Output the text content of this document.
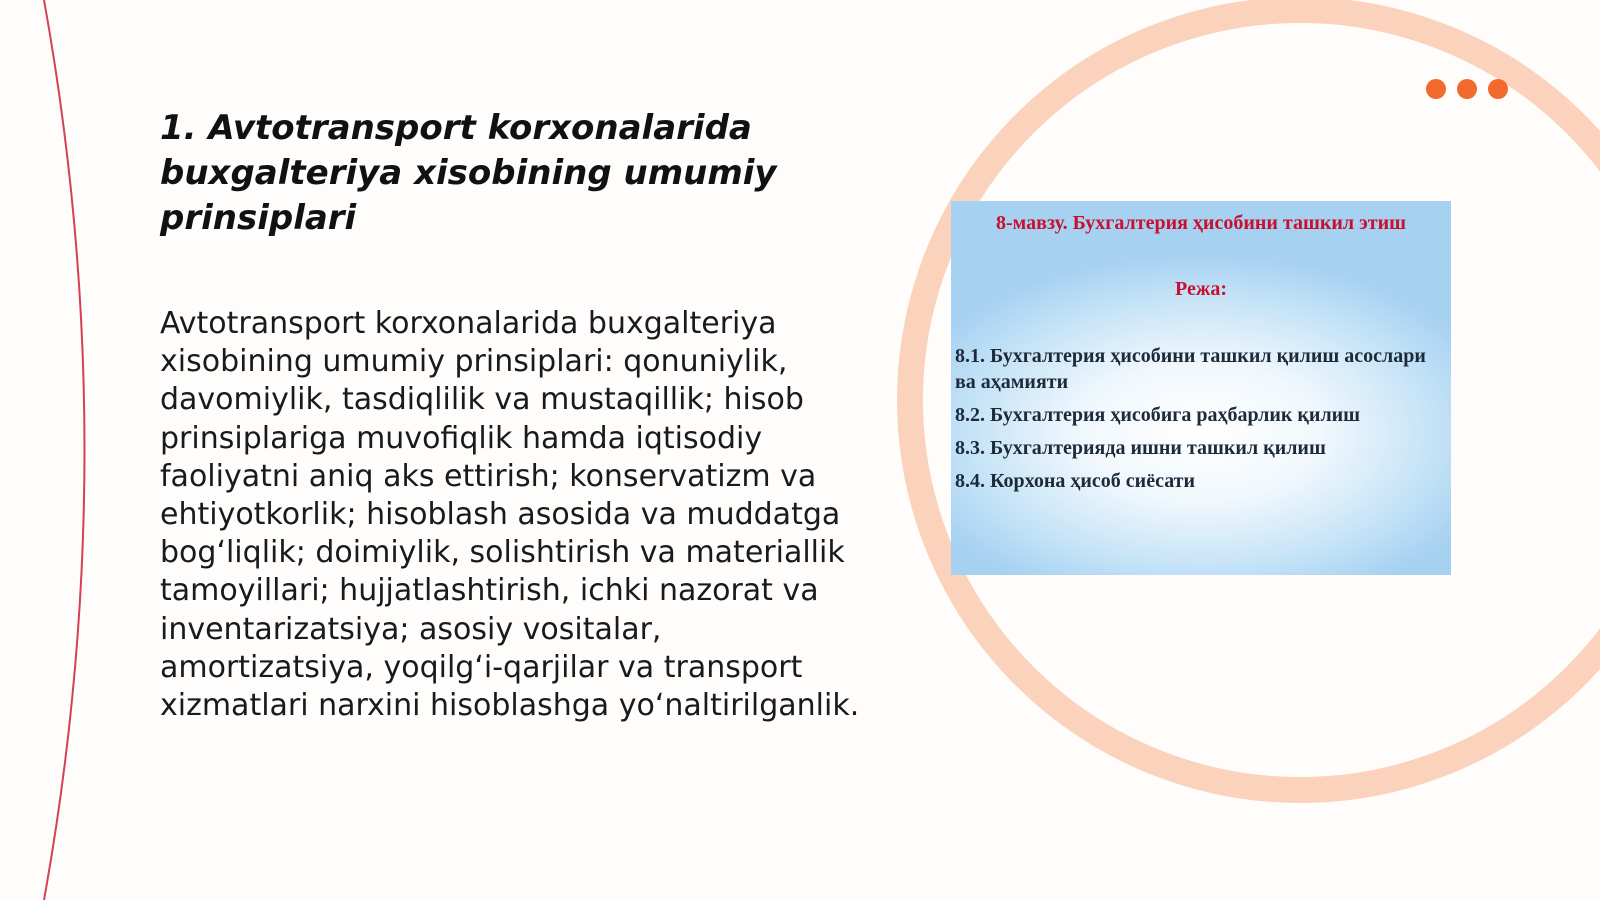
1. Avtotransport korxonalarida buxgalteriya xisobining umumiy prinsiplari

Avtotransport korxonalarida buxgalteriya xisobining umumiy prinsiplari: qonuniylik, davomiylik, tasdiqlilik va mustaqillik; hisob prinsiplariga muvofiqlik hamda iqtisodiy faoliyatni aniq aks ettirish; konservatizm va ehtiyotkorlik; hisoblash asosida va muddatga bog‘liqlik; doimiylik, solishtirish va materiallik tamoyillari; hujjatlashtirish, ichki nazorat va inventarizatsiya; asosiy vositalar, amortizatsiya, yoqilg‘i-qarjilar va transport xizmatlari narxini hisoblashga yo‘naltirilganlik.

8-мавзу. Бухгалтерия ҳисобини ташкил этиш
Режа:
8.1. Бухгалтерия ҳисобини ташкил қилиш асослари ва аҳамияти
8.2. Бухгалтерия ҳисобига раҳбарлик қилиш
8.3. Бухгалтерияда ишни ташкил қилиш
8.4. Корхона ҳисоб сиёсати
